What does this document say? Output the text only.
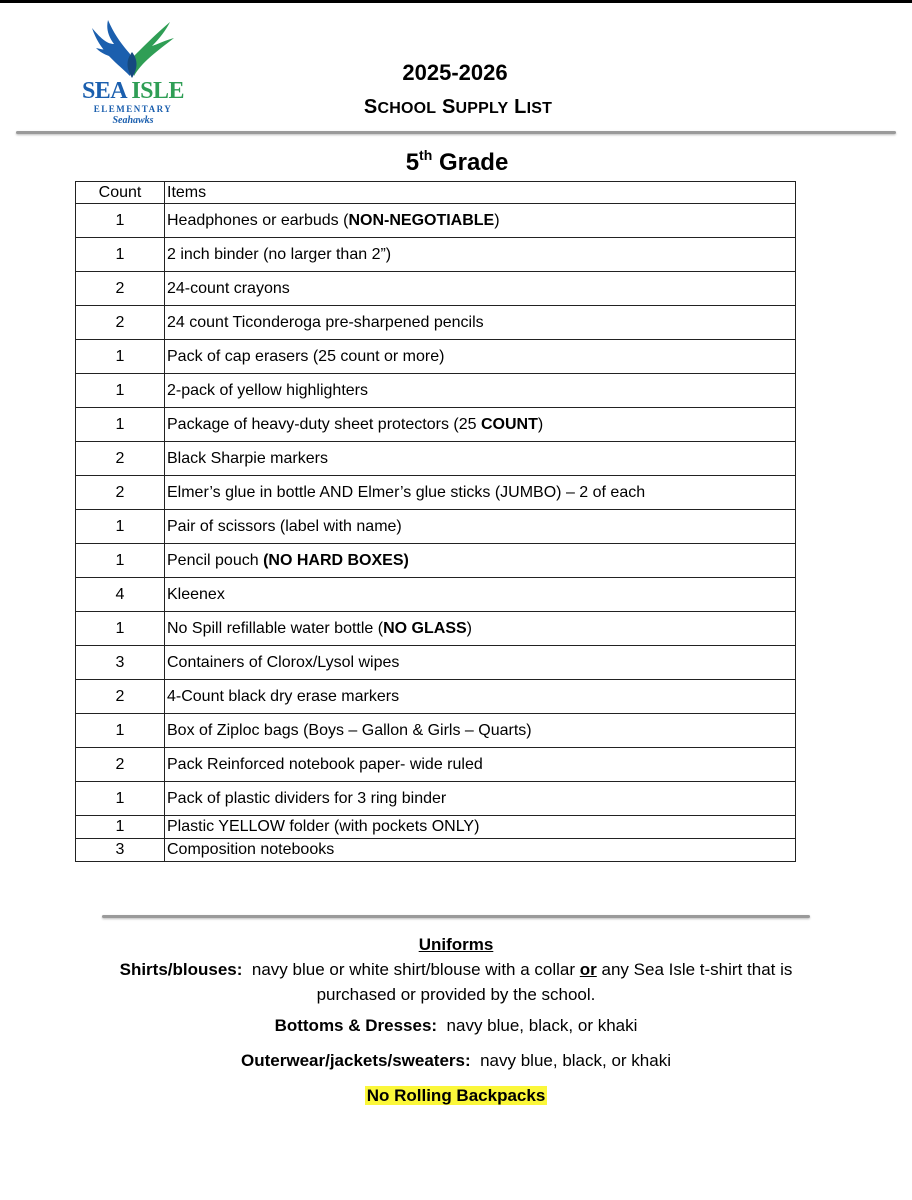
SEA ISLE
ELEMENTARY
Seahawks
2025-2026
SCHOOL SUPPLY LIST
5th Grade
Count	Items
1	Headphones or earbuds (NON-NEGOTIABLE)
1	2 inch binder (no larger than 2”)
2	24-count crayons
2	24 count Ticonderoga pre-sharpened pencils
1	Pack of cap erasers (25 count or more)
1	2-pack of yellow highlighters
1	Package of heavy-duty sheet protectors (25 COUNT)
2	Black Sharpie markers
2	Elmer’s glue in bottle AND Elmer’s glue sticks (JUMBO) – 2 of each
1	Pair of scissors (label with name)
1	Pencil pouch (NO HARD BOXES)
4	Kleenex
1	No Spill refillable water bottle (NO GLASS)
3	Containers of Clorox/Lysol wipes
2	4-Count black dry erase markers
1	Box of Ziploc bags (Boys – Gallon & Girls – Quarts)
2	Pack Reinforced notebook paper- wide ruled
1	Pack of plastic dividers for 3 ring binder
1	Plastic YELLOW folder (with pockets ONLY)
3	Composition notebooks

Uniforms

Shirts/blouses: navy blue or white shirt/blouse with a collar or any Sea Isle t-shirt that is

purchased or provided by the school.

Bottoms & Dresses: navy blue, black, or khaki

Outerwear/jackets/sweaters: navy blue, black, or khaki

No Rolling Backpacks
